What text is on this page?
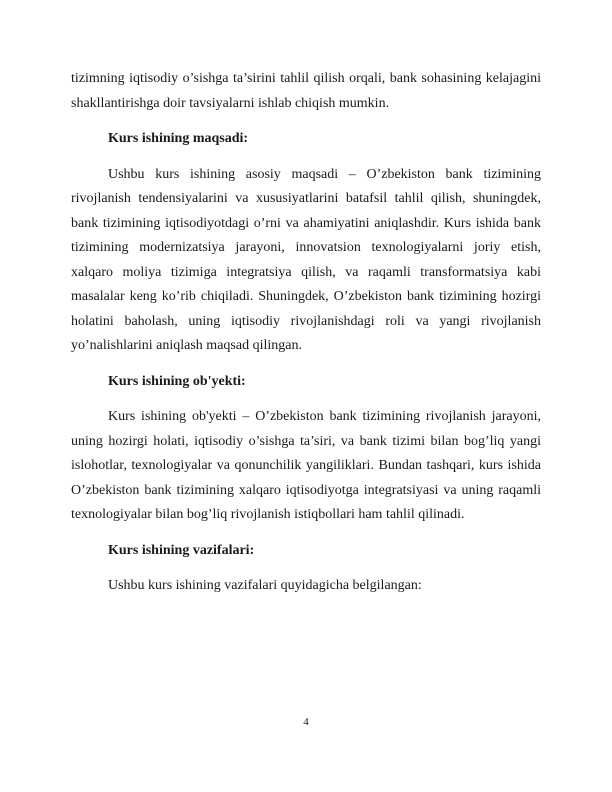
tizimning iqtisodiy o’sishga ta’sirini tahlil qilish orqali, bank sohasining kelajagini shakllantirishga doir tavsiyalarni ishlab chiqish mumkin.

Kurs ishining maqsadi:

Ushbu kurs ishining asosiy maqsadi – O’zbekiston bank tizimining rivojlanish tendensiyalarini va xususiyatlarini batafsil tahlil qilish, shuningdek, bank tizimining iqtisodiyotdagi o’rni va ahamiyatini aniqlashdir. Kurs ishida bank tizimining modernizatsiya jarayoni, innovatsion texnologiyalarni joriy etish, xalqaro moliya tizimiga integratsiya qilish, va raqamli transformatsiya kabi masalalar keng ko’rib chiqiladi. Shuningdek, O’zbekiston bank tizimining hozirgi holatini baholash, uning iqtisodiy rivojlanishdagi roli va yangi rivojlanish yo’nalishlarini aniqlash maqsad qilingan.

Kurs ishining ob'yekti:

Kurs ishining ob'yekti – O’zbekiston bank tizimining rivojlanish jarayoni, uning hozirgi holati, iqtisodiy o’sishga ta’siri, va bank tizimi bilan bog’liq yangi islohotlar, texnologiyalar va qonunchilik yangiliklari. Bundan tashqari, kurs ishida O’zbekiston bank tizimining xalqaro iqtisodiyotga integratsiyasi va uning raqamli texnologiyalar bilan bog’liq rivojlanish istiqbollari ham tahlil qilinadi.

Kurs ishining vazifalari:

Ushbu kurs ishining vazifalari quyidagicha belgilangan:

4
